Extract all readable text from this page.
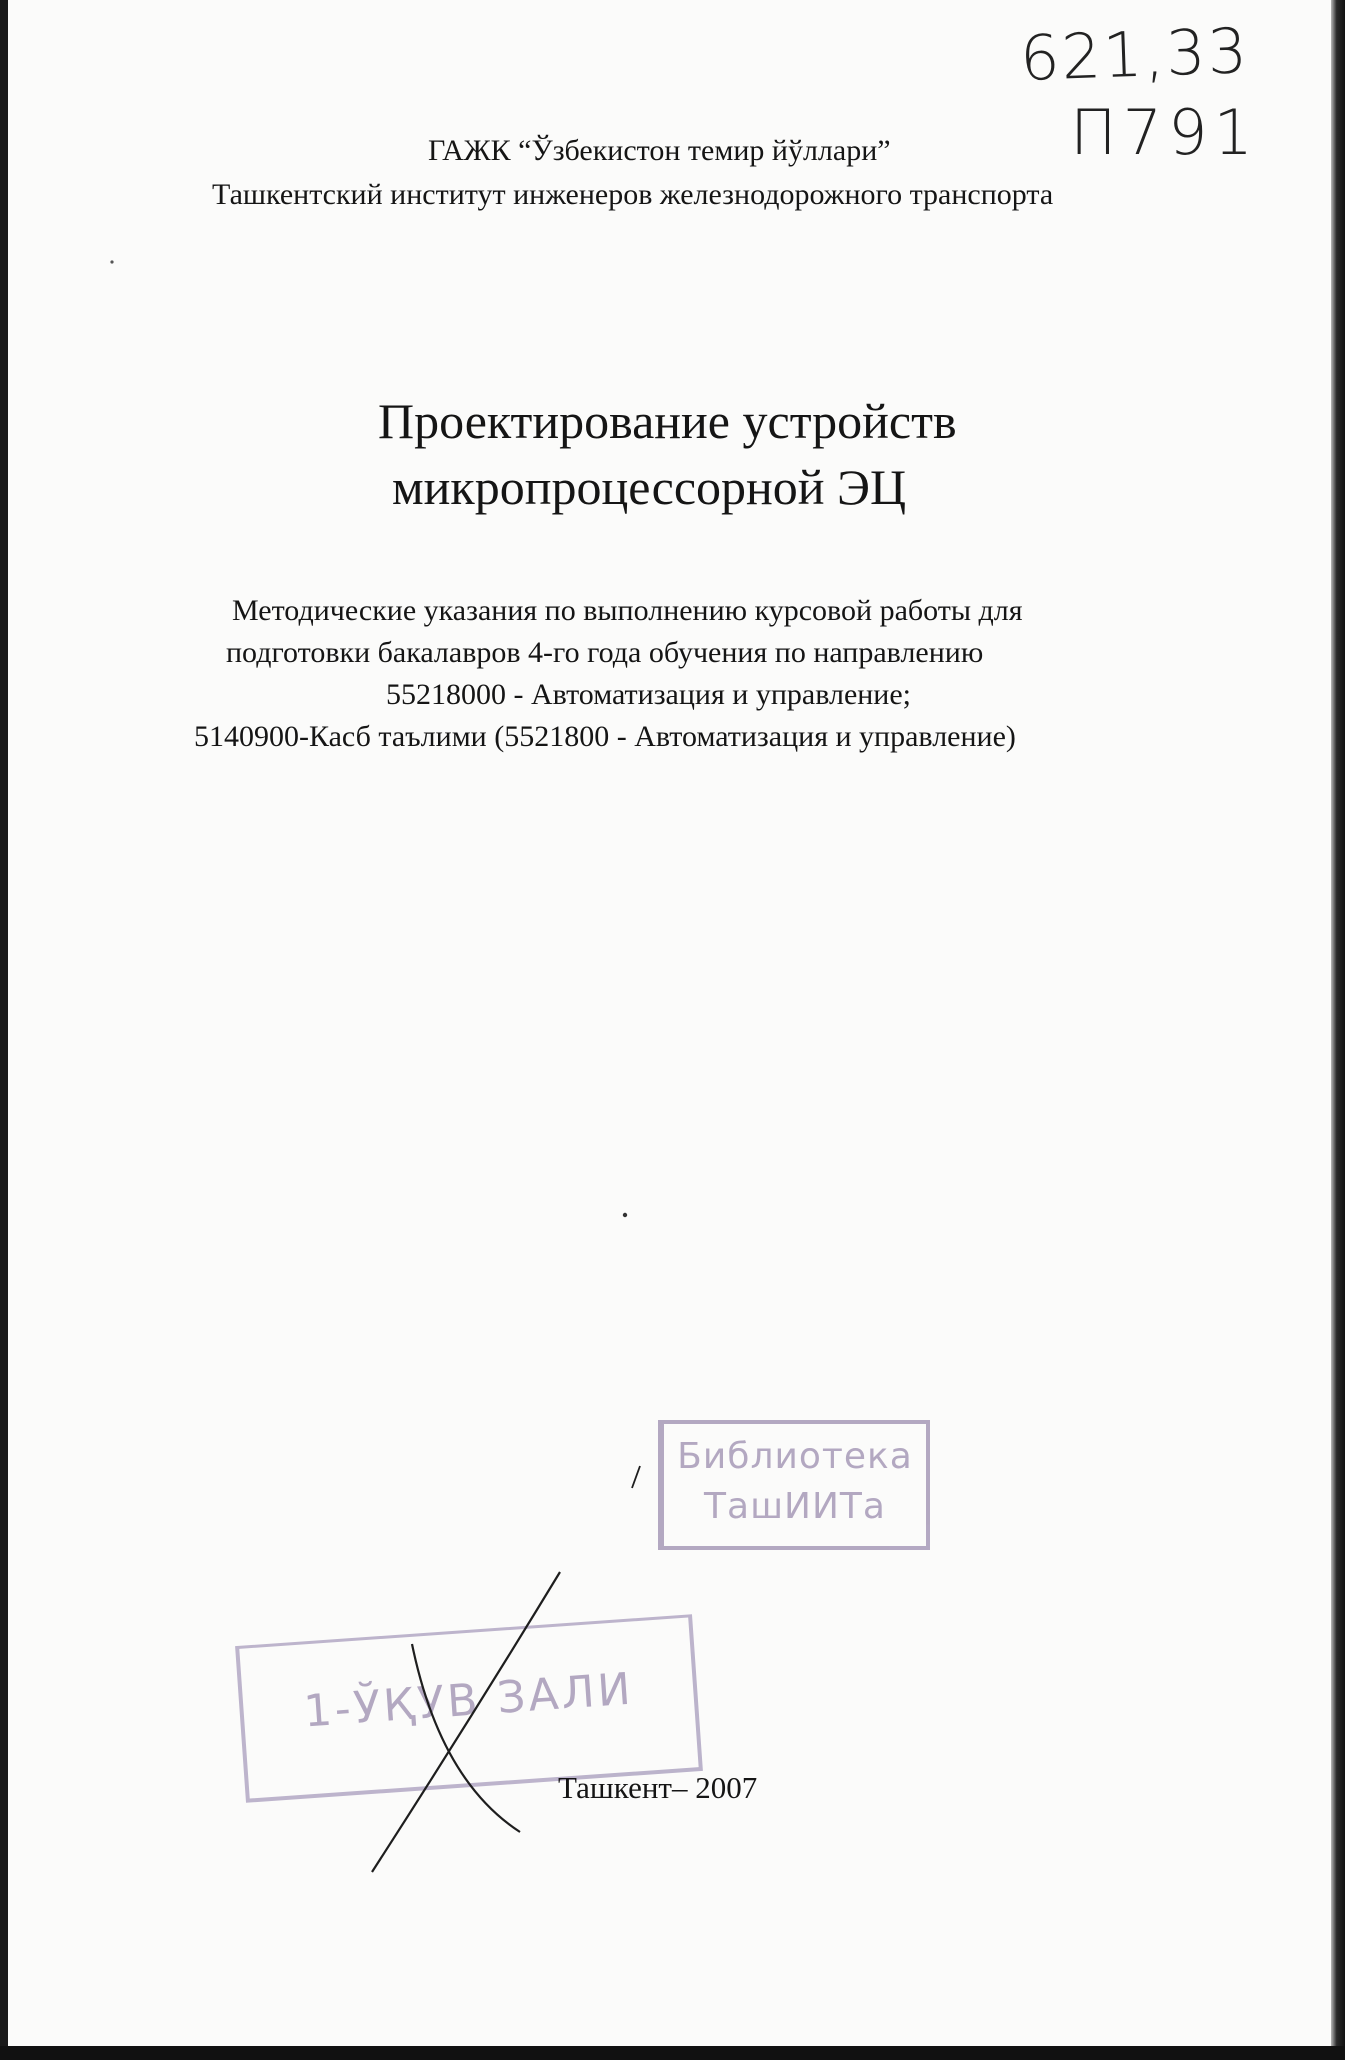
621,33
П791
ГАЖК “Ўзбекистон темир йўллари”
Ташкентский институт инженеров железнодорожного транспорта
Проектирование устройств
микропроцессорной ЭЦ
Методические указания по выполнению курсовой работы для
подготовки бакалавров 4-го года обучения по направлению
55218000 - Автоматизация и управление;
5140900-Касб таълими (5521800 - Автоматизация и управление)
Библиотека
ТашИИТа
1-ЎҚУВ ЗАЛИ
Ташкент– 2007
